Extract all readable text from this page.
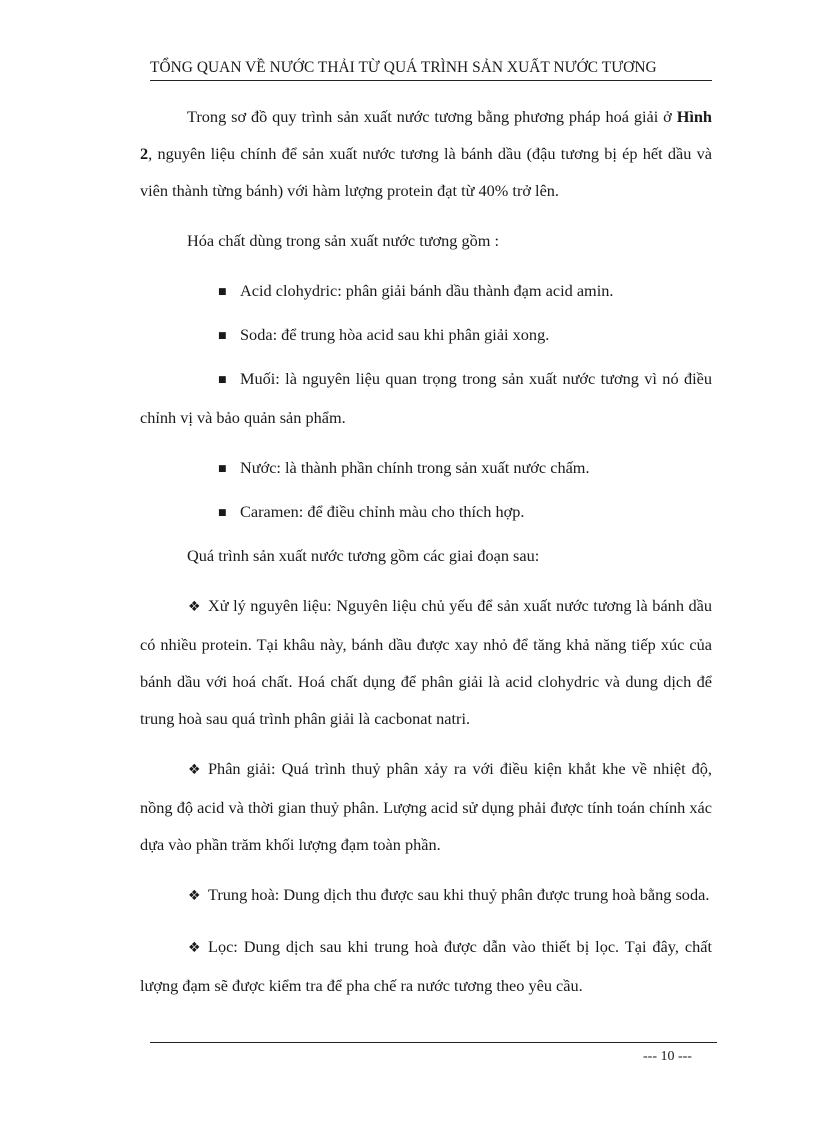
TỔNG QUAN VỀ NƯỚC THẢI TỪ QUÁ TRÌNH SẢN XUẤT NƯỚC TƯƠNG

Trong sơ đồ quy trình sản xuất nước tương bằng phương pháp hoá giải ở Hình 2, nguyên liệu chính để sản xuất nước tương là bánh dầu (đậu tương bị ép hết dầu và viên thành từng bánh) với hàm lượng protein đạt từ 40% trở lên.

Hóa chất dùng trong sản xuất nước tương gồm :

■ Acid clohydric: phân giải bánh dầu thành đạm acid amin.

■ Soda: để trung hòa acid sau khi phân giải xong.

■ Muối: là nguyên liệu quan trọng trong sản xuất nước tương vì nó điều chỉnh vị và bảo quản sản phẩm.

■ Nước: là thành phần chính trong sản xuất nước chấm.

■ Caramen: để điều chỉnh màu cho thích hợp.

Quá trình sản xuất nước tương gồm các giai đoạn sau:

❖ Xử lý nguyên liệu: Nguyên liệu chủ yếu để sản xuất nước tương là bánh dầu có nhiều protein. Tại khâu này, bánh dầu được xay nhỏ để tăng khả năng tiếp xúc của bánh dầu với hoá chất. Hoá chất dụng để phân giải là acid clohydric và dung dịch để trung hoà sau quá trình phân giải là cacbonat natri.

❖ Phân giải: Quá trình thuỷ phân xảy ra với điều kiện khắt khe về nhiệt độ, nồng độ acid và thời gian thuỷ phân. Lượng acid sử dụng phải được tính toán chính xác dựa vào phần trăm khối lượng đạm toàn phần.

❖ Trung hoà: Dung dịch thu được sau khi thuỷ phân được trung hoà bằng soda.

❖ Lọc: Dung dịch sau khi trung hoà được dẫn vào thiết bị lọc. Tại đây, chất lượng đạm sẽ được kiểm tra để pha chế ra nước tương theo yêu cầu.

--- 10 ---
